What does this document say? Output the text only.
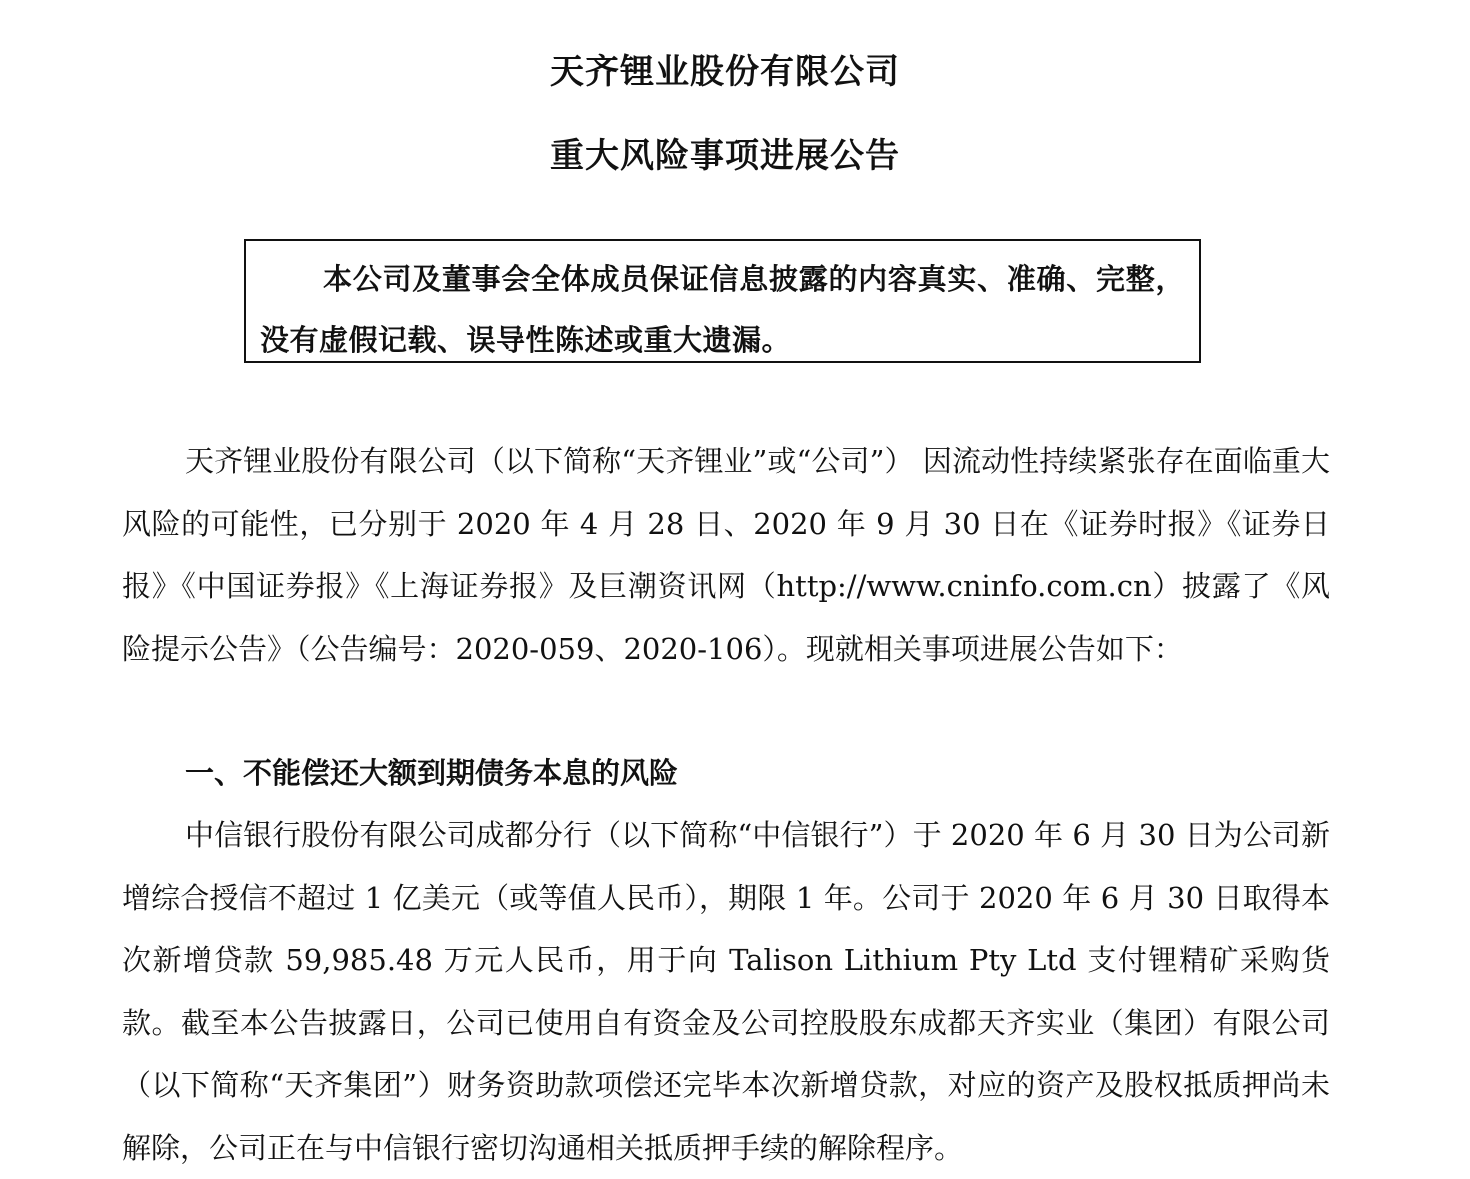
天齐锂业股份有限公司
重大风险事项进展公告
本公司及董事会全体成员保证信息披露的内容真实、准确、完整，没有虚假记载、误导性陈述或重大遗漏。
天齐锂业股份有限公司（以下简称“天齐锂业”或“公司”） 因流动性持续紧张存在面临重大风险的可能性，已分别于 2020 年 4 月 28 日、2020 年 9 月 30 日在《证券时报》《证券日报》《中国证券报》《上海证券报》及巨潮资讯网（http://www.cninfo.com.cn）披露了《风险提示公告》（公告编号：2020-059、2020-106）。现就相关事项进展公告如下：
一、不能偿还大额到期债务本息的风险
中信银行股份有限公司成都分行（以下简称“中信银行”）于 2020 年 6 月 30 日为公司新增综合授信不超过 1 亿美元（或等值人民币），期限 1 年。公司于 2020 年 6 月 30 日取得本次新增贷款 59,985.48 万元人民币，用于向 Talison Lithium Pty Ltd 支付锂精矿采购货款。截至本公告披露日，公司已使用自有资金及公司控股股东成都天齐实业（集团）有限公司（以下简称“天齐集团”）财务资助款项偿还完毕本次新增贷款，对应的资产及股权抵质押尚未解除，公司正在与中信银行密切沟通相关抵质押手续的解除程序。
